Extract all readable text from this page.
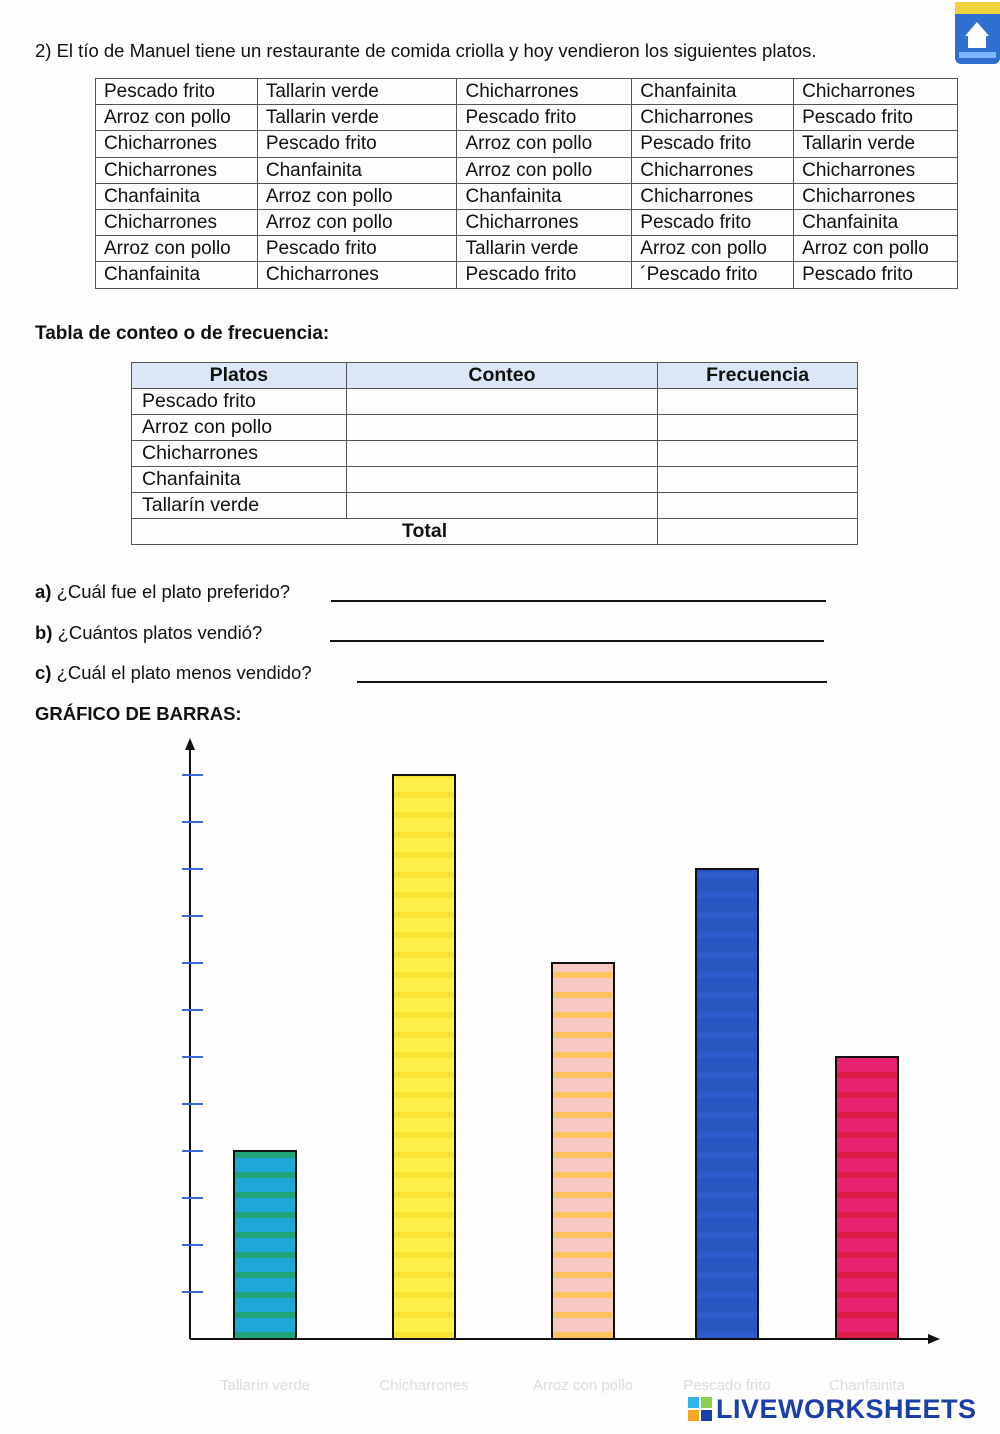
2) El tío de Manuel tiene un restaurante de comida criolla y hoy vendieron los siguientes platos.
Pescado frito	Tallarin verde	Chicharrones	Chanfainita	Chicharrones
Arroz con pollo	Tallarin verde	Pescado frito	Chicharrones	Pescado frito
Chicharrones	Pescado frito	Arroz con pollo	Pescado frito	Tallarin verde
Chicharrones	Chanfainita	Arroz con pollo	Chicharrones	Chicharrones
Chanfainita	Arroz con pollo	Chanfainita	Chicharrones	Chicharrones
Chicharrones	Arroz con pollo	Chicharrones	Pescado frito	Chanfainita
Arroz con pollo	Pescado frito	Tallarin verde	Arroz con pollo	Arroz con pollo
Chanfainita	Chicharrones	Pescado frito	´Pescado frito	Pescado frito
Tabla de conteo o de frecuencia:
Platos	Conteo	Frecuencia
Pescado frito		
Arroz con pollo		
Chicharrones		
Chanfainita		
Tallarín verde		
Total		
a) ¿Cuál fue el plato preferido?
b) ¿Cuántos platos vendió?
c) ¿Cuál el plato menos vendido?
GRÁFICO DE BARRAS:
Tallarín verde	Chicharrones	Arroz con pollo	Pescado frito	Chanfainita
LIVEWORKSHEETS
